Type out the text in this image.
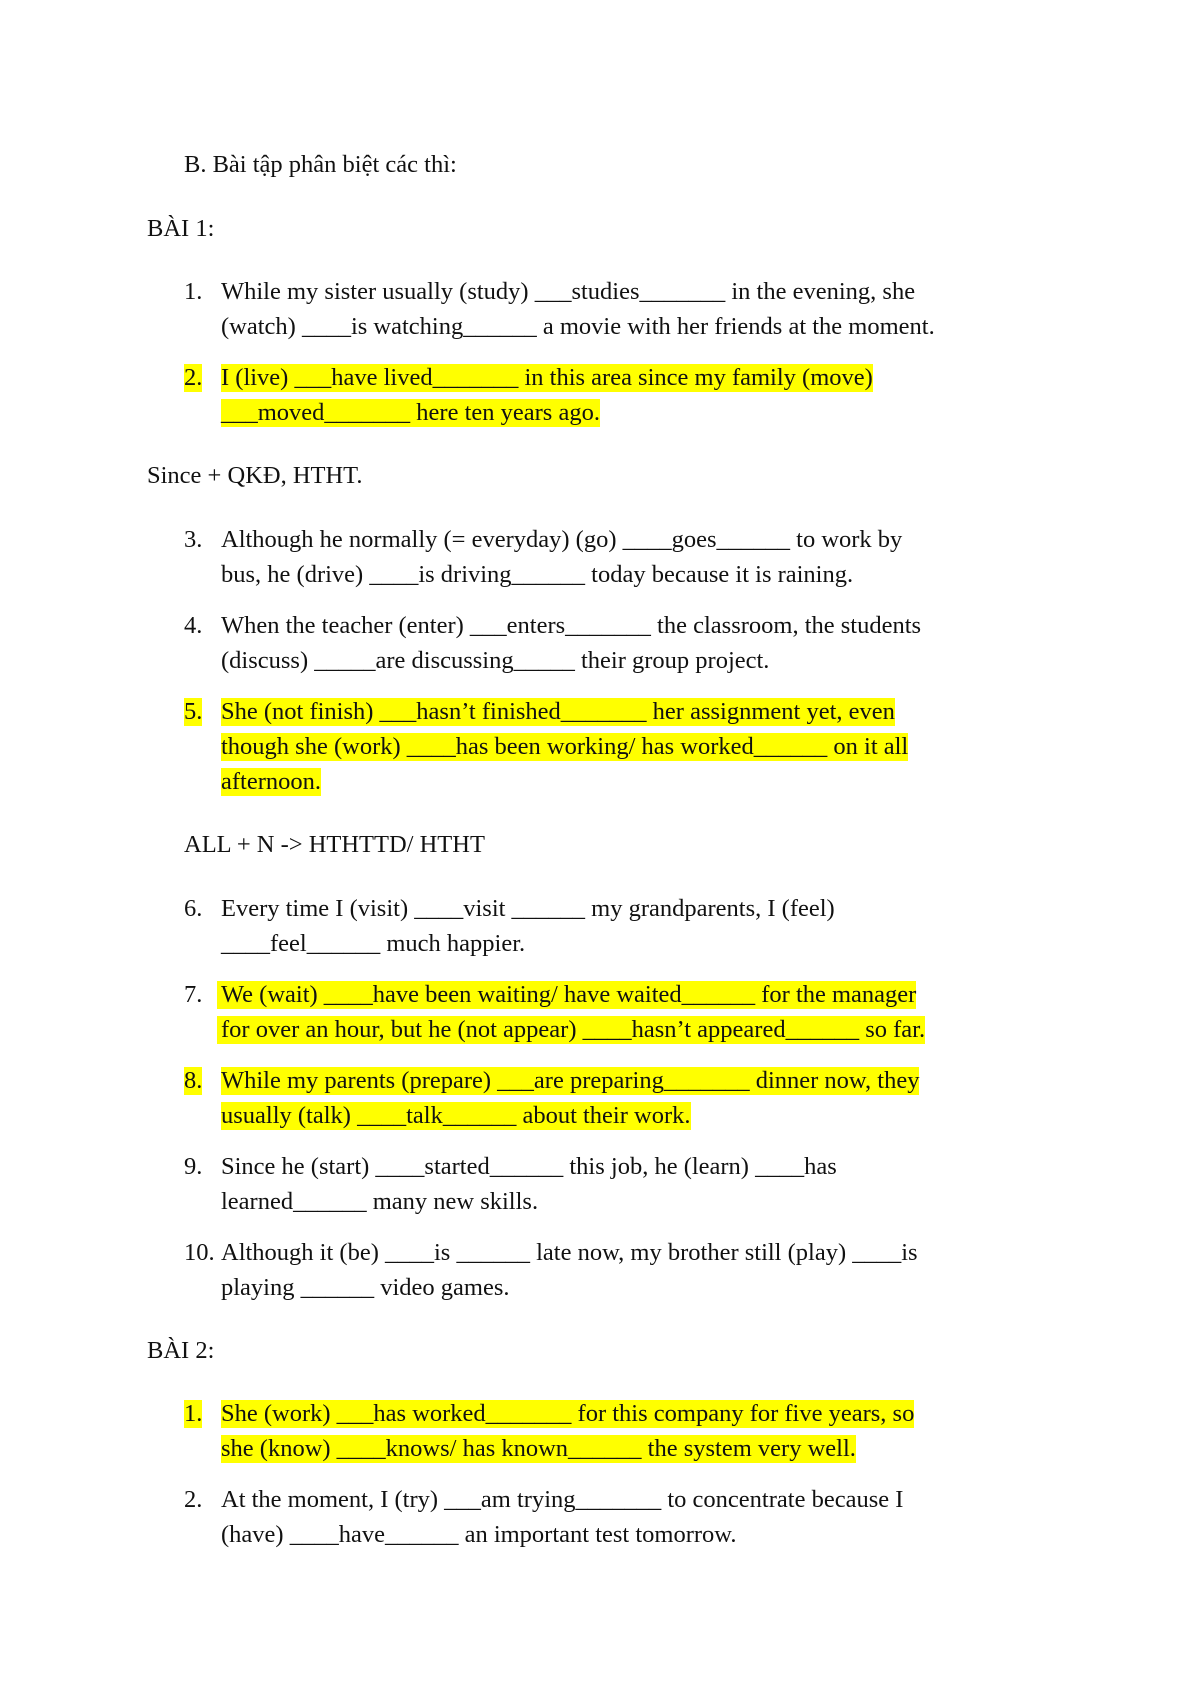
B. Bài tập phân biệt các thì:
BÀI 1:
1. While my sister usually (study) ___studies_______ in the evening, she
(watch) ____is watching______ a movie with her friends at the moment.
2. I (live) ___have lived_______ in this area since my family (move)
___moved_______ here ten years ago.
Since + QKĐ, HTHT.
3. Although he normally (= everyday) (go) ____goes______ to work by
bus, he (drive) ____is driving______ today because it is raining.
4. When the teacher (enter) ___enters_______ the classroom, the students
(discuss) _____are discussing_____ their group project.
5. She (not finish) ___hasn’t finished_______ her assignment yet, even
though she (work) ____has been working/ has worked______ on it all
afternoon.
ALL + N -> HTHTTD/ HTHT
6. Every time I (visit) ____visit ______ my grandparents, I (feel)
____feel______ much happier.
7. We (wait) ____have been waiting/ have waited______ for the manager
for over an hour, but he (not appear) ____hasn’t appeared______ so far.
8. While my parents (prepare) ___are preparing_______ dinner now, they
usually (talk) ____talk______ about their work.
9. Since he (start) ____started______ this job, he (learn) ____has
learned______ many new skills.
10. Although it (be) ____is ______ late now, my brother still (play) ____is
playing ______ video games.
BÀI 2:
1. She (work) ___has worked_______ for this company for five years, so
she (know) ____knows/ has known______ the system very well.
2. At the moment, I (try) ___am trying_______ to concentrate because I
(have) ____have______ an important test tomorrow.
